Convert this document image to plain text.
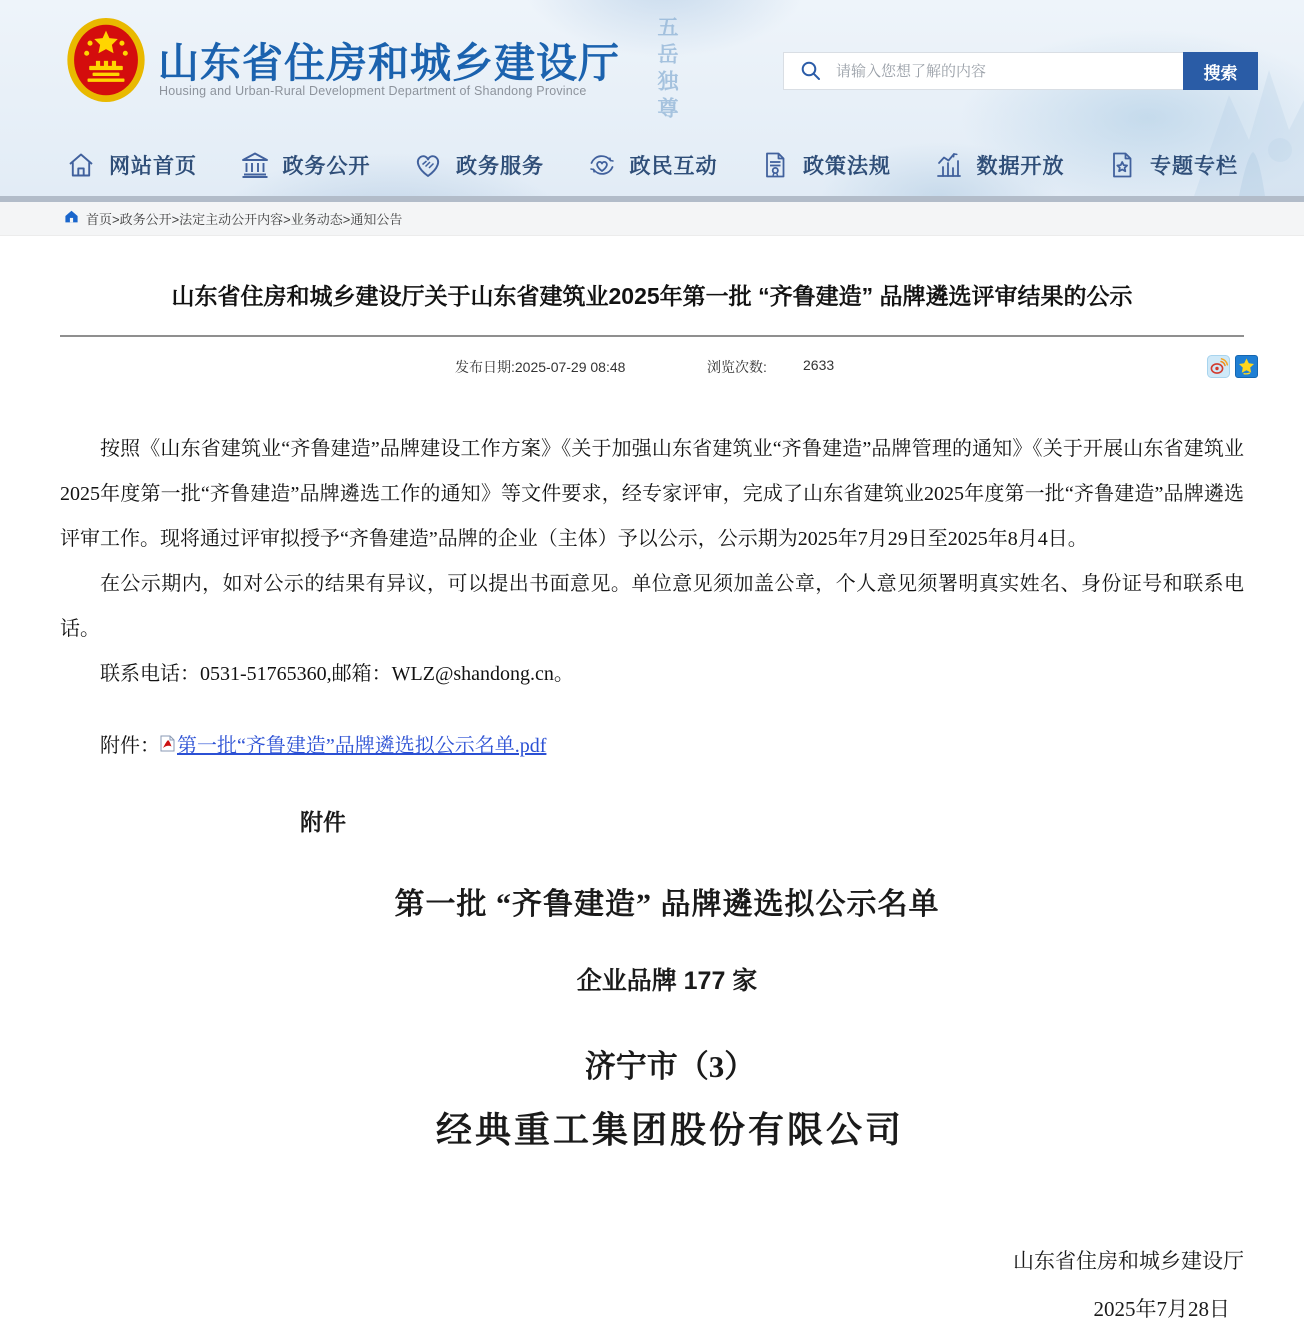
五岳独尊
山东省住房和城乡建设厅
Housing and Urban-Rural Development Department of Shandong Province
请输入您想了解的内容
搜索
网站首页	政务公开	政务服务	政民互动	政策法规	数据开放	专题专栏
首页>政务公开>法定主动公开内容>业务动态>通知公告
山东省住房和城乡建设厅关于山东省建筑业2025年第一批 “齐鲁建造” 品牌遴选评审结果的公示
发布日期:2025-07-29 08:48	浏览次数:	2633

按照《山东省建筑业“齐鲁建造”品牌建设工作方案》《关于加强山东省建筑业“齐鲁建造”品牌管理的通知》《关于开展山东省建筑业2025年度第一批“齐鲁建造”品牌遴选工作的通知》等文件要求，经专家评审，完成了山东省建筑业2025年度第一批“齐鲁建造”品牌遴选评审工作。现将通过评审拟授予“齐鲁建造”品牌的企业（主体）予以公示，公示期为2025年7月29日至2025年8月4日。

在公示期内，如对公示的结果有异议，可以提出书面意见。单位意见须加盖公章，个人意见须署明真实姓名、身份证号和联系电话。

联系电话：0531-51765360,邮箱：WLZ@shandong.cn。

附件： 第一批“齐鲁建造”品牌遴选拟公示名单.pdf
附件
第一批 “齐鲁建造” 品牌遴选拟公示名单
企业品牌 177 家
济宁市（3）
经典重工集团股份有限公司
山东省住房和城乡建设厅
2025年7月28日
